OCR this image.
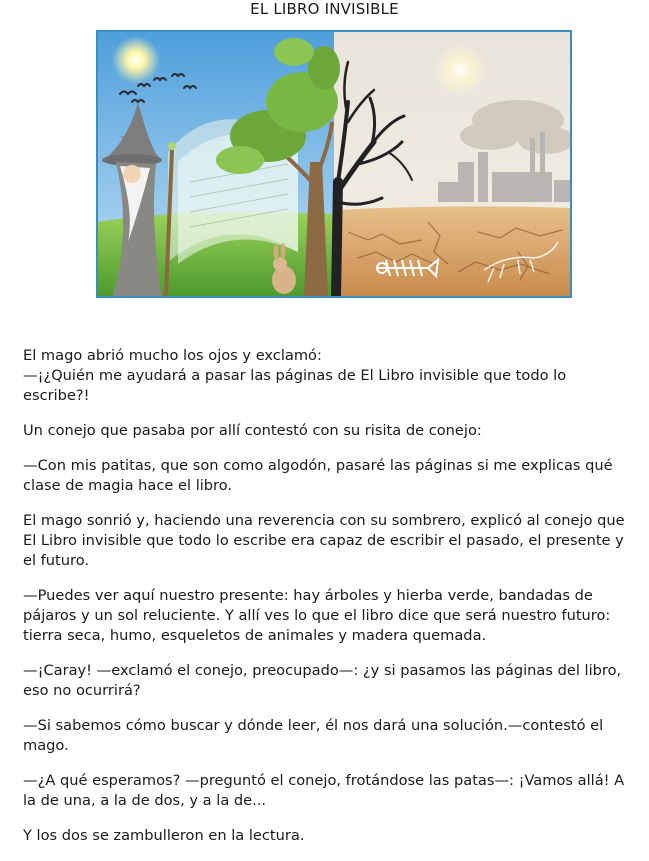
EL LIBRO INVISIBLE

El mago abrió mucho los ojos y exclamó:

—¡¿Quién me ayudará a pasar las páginas de El Libro invisible que todo lo escribe?!

Un conejo que pasaba por allí contestó con su risita de conejo:

—Con mis patitas, que son como algodón, pasaré las páginas si me explicas qué clase de magia hace el libro.

El mago sonrió y, haciendo una reverencia con su sombrero, explicó al conejo que El Libro invisible que todo lo escribe era capaz de escribir el pasado, el presente y el futuro.

—Puedes ver aquí nuestro presente: hay árboles y hierba verde, bandadas de pájaros y un sol reluciente. Y allí ves lo que el libro dice que será nuestro futuro: tierra seca, humo, esqueletos de animales y madera quemada.

—¡Caray! —exclamó el conejo, preocupado—: ¿y si pasamos las páginas del libro, eso no ocurrirá?

—Si sabemos cómo buscar y dónde leer, él nos dará una solución.—contestó el mago.

—¿A qué esperamos? —preguntó el conejo, frotándose las patas—: ¡Vamos allá! A la de una, a la de dos, y a la de...

Y los dos se zambulleron en la lectura.
